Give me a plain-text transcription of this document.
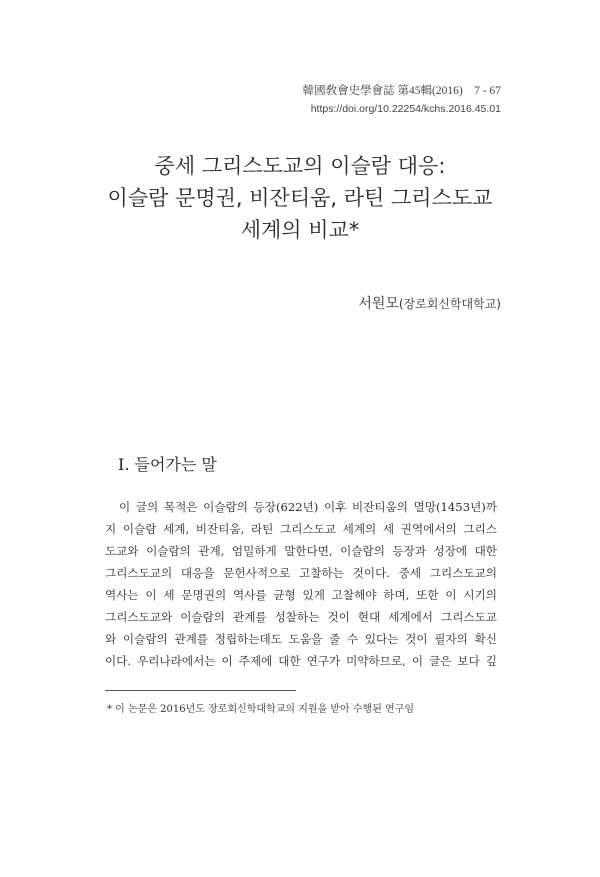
韓國敎會史學會誌 第45輯(2016)　7 - 67
https://doi.org/10.22254/kchs.2016.45.01
중세 그리스도교의 이슬람 대응:
이슬람 문명권, 비잔티움, 라틴 그리스도교
세계의 비교*
서원모(장로회신학대학교)
I. 들어가는 말
이 글의 목적은 이슬람의 등장(622년) 이후 비잔티움의 멸망(1453년)까
지 이슬람 세계, 비잔티움, 라틴 그리스도교 세계의 세 권역에서의 그리스
도교와 이슬람의 관계, 엄밀하게 말한다면, 이슬람의 등장과 성장에 대한
그리스도교의 대응을 문헌사적으로 고찰하는 것이다. 중세 그리스도교의
역사는 이 세 문명권의 역사를 균형 있게 고찰해야 하며, 또한 이 시기의
그리스도교와 이슬람의 관계를 성찰하는 것이 현대 세계에서 그리스도교
와 이슬람의 관계를 정립하는데도 도움을 줄 수 있다는 것이 필자의 확신
이다. 우리나라에서는 이 주제에 대한 연구가 미약하므로, 이 글은 보다 깊
* 이 논문은 2016년도 장로회신학대학교의 지원을 받아 수행된 연구임
